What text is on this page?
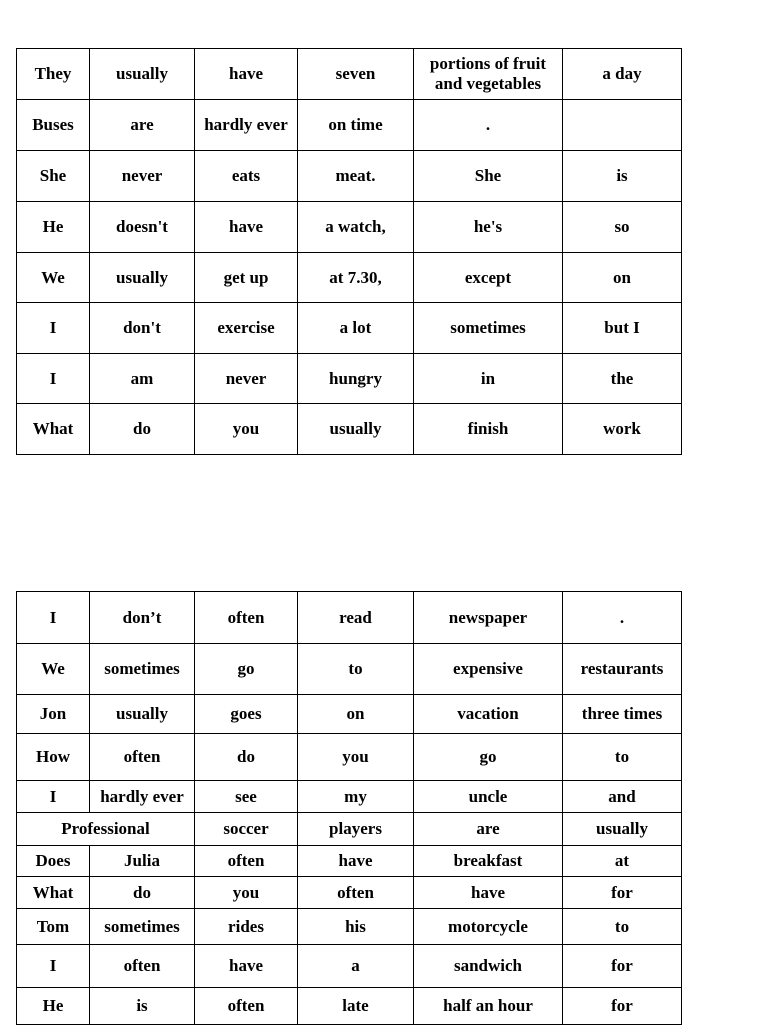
They	usually	have	seven	portions of fruit and vegetables	a day
Buses	are	hardly ever	on time	.	
She	never	eats	meat.	She	is
He	doesn't	have	a watch,	he's	so
We	usually	get up	at 7.30,	except	on
I	don't	exercise	a lot	sometimes	but I
I	am	never	hungry	in	the
What	do	you	usually	finish	work
I	don’t	often	read	newspaper	.
We	sometimes	go	to	expensive	restaurants
Jon	usually	goes	on	vacation	three times
How	often	do	you	go	to
I	hardly ever	see	my	uncle	and
Professional		soccer	players	are	usually
Does	Julia	often	have	breakfast	at
What	do	you	often	have	for
Tom	sometimes	rides	his	motorcycle	to
I	often	have	a	sandwich	for
He	is	often	late	half an hour	for
